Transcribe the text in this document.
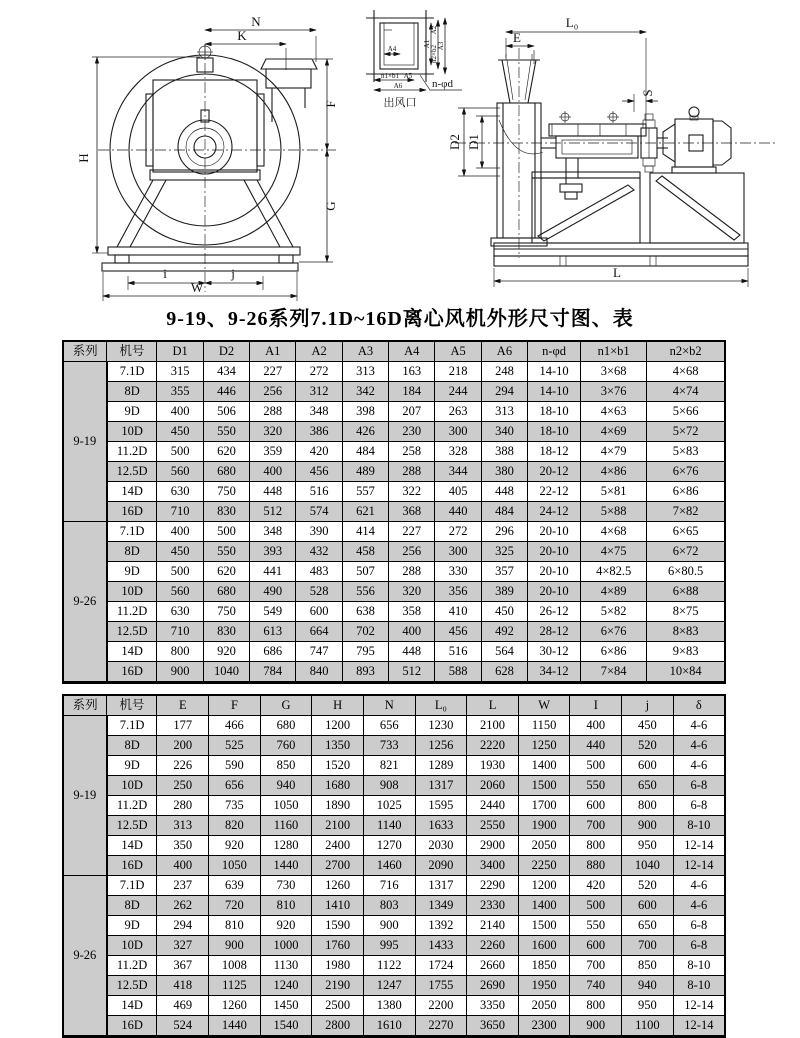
H
N
K
F
G
i	j
W
A4
A1
A2
n2×b2 A3
n1×b1 A5
A6	n-φd
出风口
L₀
E
D2 D1
S
L
9-19、9-26系列7.1D~16D离心风机外形尺寸图、表
系列	机号	D1	D2	A1	A2	A3	A4	A5	A6	n-φd	n1×b1	n2×b2
9-19	7.1D	315	434	227	272	313	163	218	248	14-10	3×68	4×68
	8D	355	446	256	312	342	184	244	294	14-10	3×76	4×74
	9D	400	506	288	348	398	207	263	313	18-10	4×63	5×66
	10D	450	550	320	386	426	230	300	340	18-10	4×69	5×72
	11.2D	500	620	359	420	484	258	328	388	18-12	4×79	5×83
	12.5D	560	680	400	456	489	288	344	380	20-12	4×86	6×76
	14D	630	750	448	516	557	322	405	448	22-12	5×81	6×86
	16D	710	830	512	574	621	368	440	484	24-12	5×88	7×82
9-26	7.1D	400	500	348	390	414	227	272	296	20-10	4×68	6×65
	8D	450	550	393	432	458	256	300	325	20-10	4×75	6×72
	9D	500	620	441	483	507	288	330	357	20-10	4×82.5	6×80.5
	10D	560	680	490	528	556	320	356	389	20-10	4×89	6×88
	11.2D	630	750	549	600	638	358	410	450	26-12	5×82	8×75
	12.5D	710	830	613	664	702	400	456	492	28-12	6×76	8×83
	14D	800	920	686	747	795	448	516	564	30-12	6×86	9×83
	16D	900	1040	784	840	893	512	588	628	34-12	7×84	10×84
系列	机号	E	F	G	H	N	L₀	L	W	I	j	δ
9-19	7.1D	177	466	680	1200	656	1230	2100	1150	400	450	4-6
	8D	200	525	760	1350	733	1256	2220	1250	440	520	4-6
	9D	226	590	850	1520	821	1289	1930	1400	500	600	4-6
	10D	250	656	940	1680	908	1317	2060	1500	550	650	6-8
	11.2D	280	735	1050	1890	1025	1595	2440	1700	600	800	6-8
	12.5D	313	820	1160	2100	1140	1633	2550	1900	700	900	8-10
	14D	350	920	1280	2400	1270	2030	2900	2050	800	950	12-14
	16D	400	1050	1440	2700	1460	2090	3400	2250	880	1040	12-14
9-26	7.1D	237	639	730	1260	716	1317	2290	1200	420	520	4-6
	8D	262	720	810	1410	803	1349	2330	1400	500	600	4-6
	9D	294	810	920	1590	900	1392	2140	1500	550	650	6-8
	10D	327	900	1000	1760	995	1433	2260	1600	600	700	6-8
	11.2D	367	1008	1130	1980	1122	1724	2660	1850	700	850	8-10
	12.5D	418	1125	1240	2190	1247	1755	2690	1950	740	940	8-10
	14D	469	1260	1450	2500	1380	2200	3350	2050	800	950	12-14
	16D	524	1440	1540	2800	1610	2270	3650	2300	900	1100	12-14
